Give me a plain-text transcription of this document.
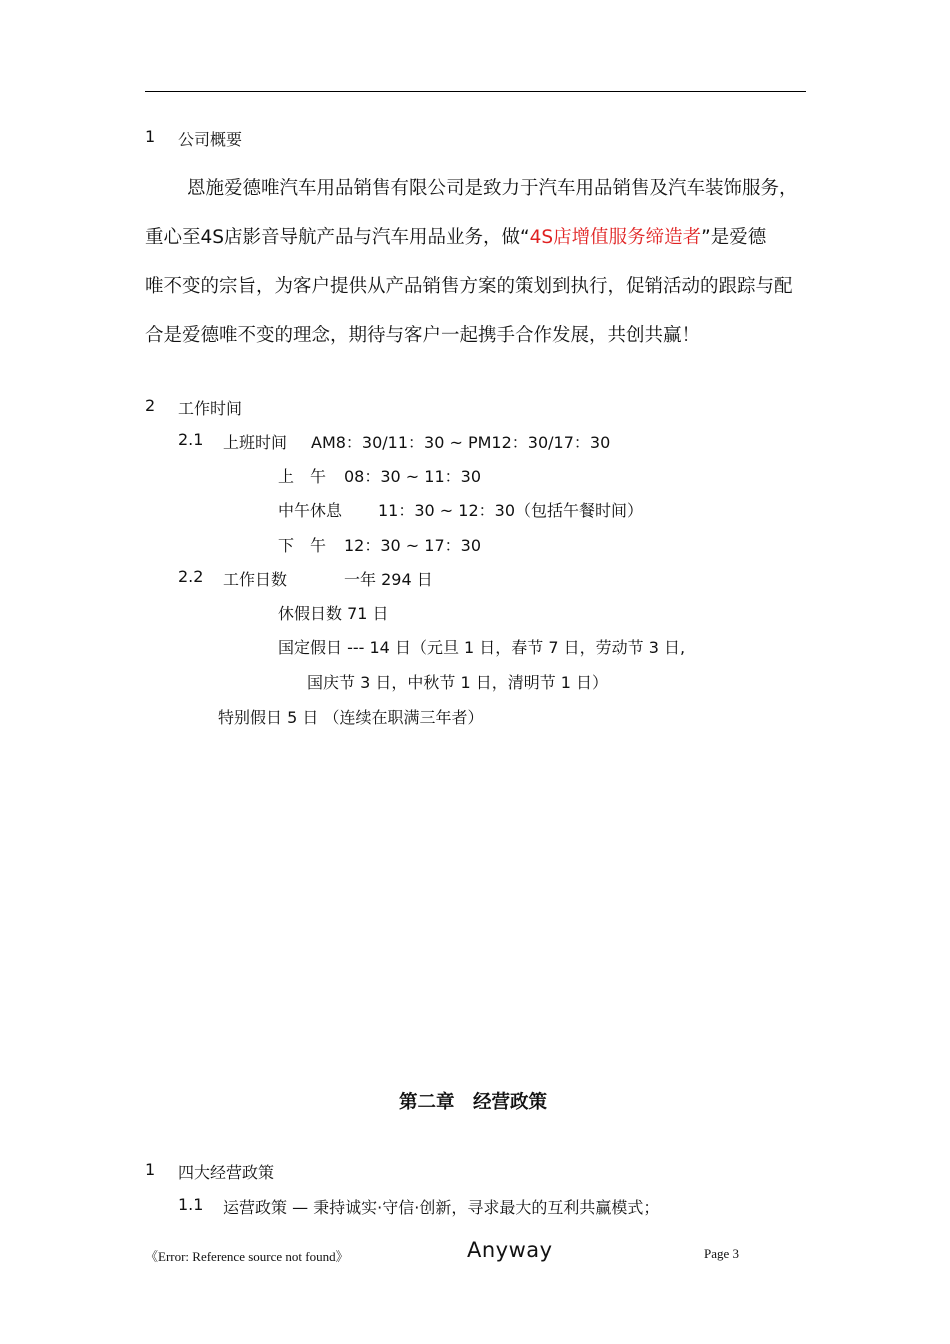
1 公司概要
恩施爱德唯汽车用品销售有限公司是致力于汽车用品销售及汽车装饰服务，
重心至4S店影音导航产品与汽车用品业务，做“4S店增值服务缔造者”是爱德
唯不变的宗旨，为客户提供从产品销售方案的策划到执行，促销活动的跟踪与配
合是爱德唯不变的理念，期待与客户一起携手合作发展，共创共赢！
2 工作时间
2.1 上班时间 AM8：30/11：30 ~ PM12：30/17：30
上　午 08：30 ~ 11：30
中午休息 11：30 ~ 12：30（包括午餐时间）
下　午 12：30 ~ 17：30
2.2 工作日数	一年 294 日
休假日数 71 日
国定假日 --- 14 日（元旦 1 日，春节 7 日，劳动节 3 日,
国庆节 3 日，中秋节 1 日，清明节 1 日）
特别假日 5 日 （连续在职满三年者）
第二章　经营政策
1 四大经营政策
1.1 运营政策 — 秉持诚实·守信·创新，寻求最大的互利共赢模式；
《Error: Reference source not found》	Anyway	Page 3
